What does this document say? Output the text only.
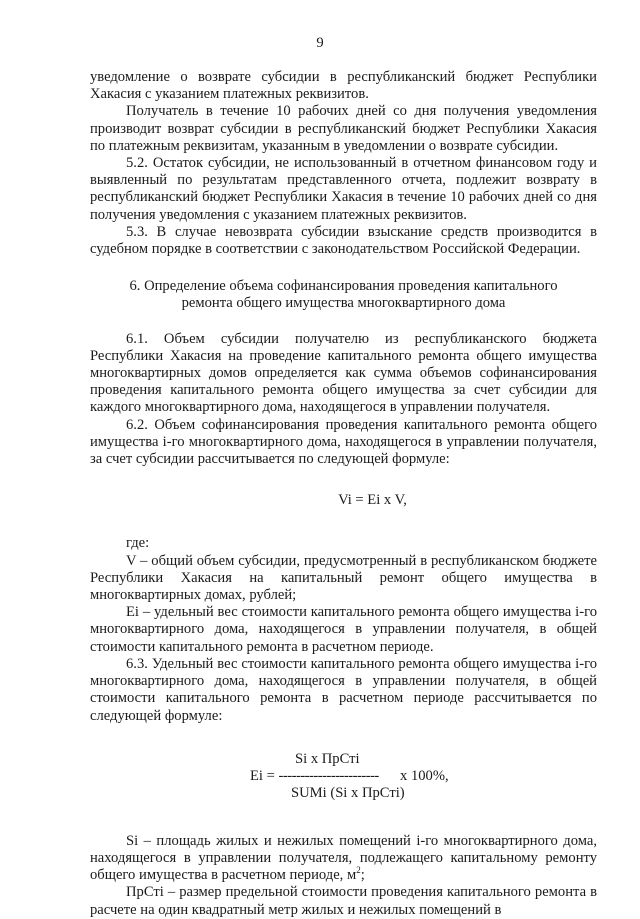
9

уведомление о возврате субсидии в республиканский бюджет Республики Хакасия с указанием платежных реквизитов.

Получатель в течение 10 рабочих дней со дня получения уведомления производит возврат субсидии в республиканский бюджет Республики Хакасия по платежным реквизитам, указанным в уведомлении о возврате субсидии.

5.2. Остаток субсидии, не использованный в отчетном финансовом году и выявленный по результатам представленного отчета, подлежит возврату в республиканский бюджет Республики Хакасия в течение 10 рабочих дней со дня получения уведомления с указанием платежных реквизитов.

5.3. В случае невозврата субсидии взыскание средств производится в судебном порядке в соответствии с законодательством Российской Федерации.

6. Определение объема софинансирования проведения капитального
ремонта общего имущества многоквартирного дома

6.1. Объем субсидии получателю из республиканского бюджета Республики Хакасия на проведение капитального ремонта общего имущества многоквартирных домов определяется как сумма объемов софинансирования проведения капитального ремонта общего имущества за счет субсидии для каждого многоквартирного дома, находящегося в управлении получателя.

6.2. Объем софинансирования проведения капитального ремонта общего имущества i-го многоквартирного дома, находящегося в управлении получателя, за счет субсидии рассчитывается по следующей формуле:

Vi = Ei x V,

где:

V – общий объем субсидии, предусмотренный в республиканском бюджете Республики Хакасия на капитальный ремонт общего имущества в многоквартирных домах, рублей;

Ei – удельный вес стоимости капитального ремонта общего имущества i-го многоквартирного дома, находящегося в управлении получателя, в общей стоимости капитального ремонта в расчетном периоде.

6.3. Удельный вес стоимости капитального ремонта общего имущества i-го многоквартирного дома, находящегося в управлении получателя, в общей стоимости капитального ремонта в расчетном периоде рассчитывается по следующей формуле:

Si x ПрСтi
Ei = ----------------------- x 100%,
SUMi (Si x ПрСтi)

Si – площадь жилых и нежилых помещений i-го многоквартирного дома, находящегося в управлении получателя, подлежащего капитальному ремонту общего имущества в расчетном периоде, $м^2$;

ПрСтi – размер предельной стоимости проведения капитального ремонта в расчете на один квадратный метр жилых и нежилых помещений в
